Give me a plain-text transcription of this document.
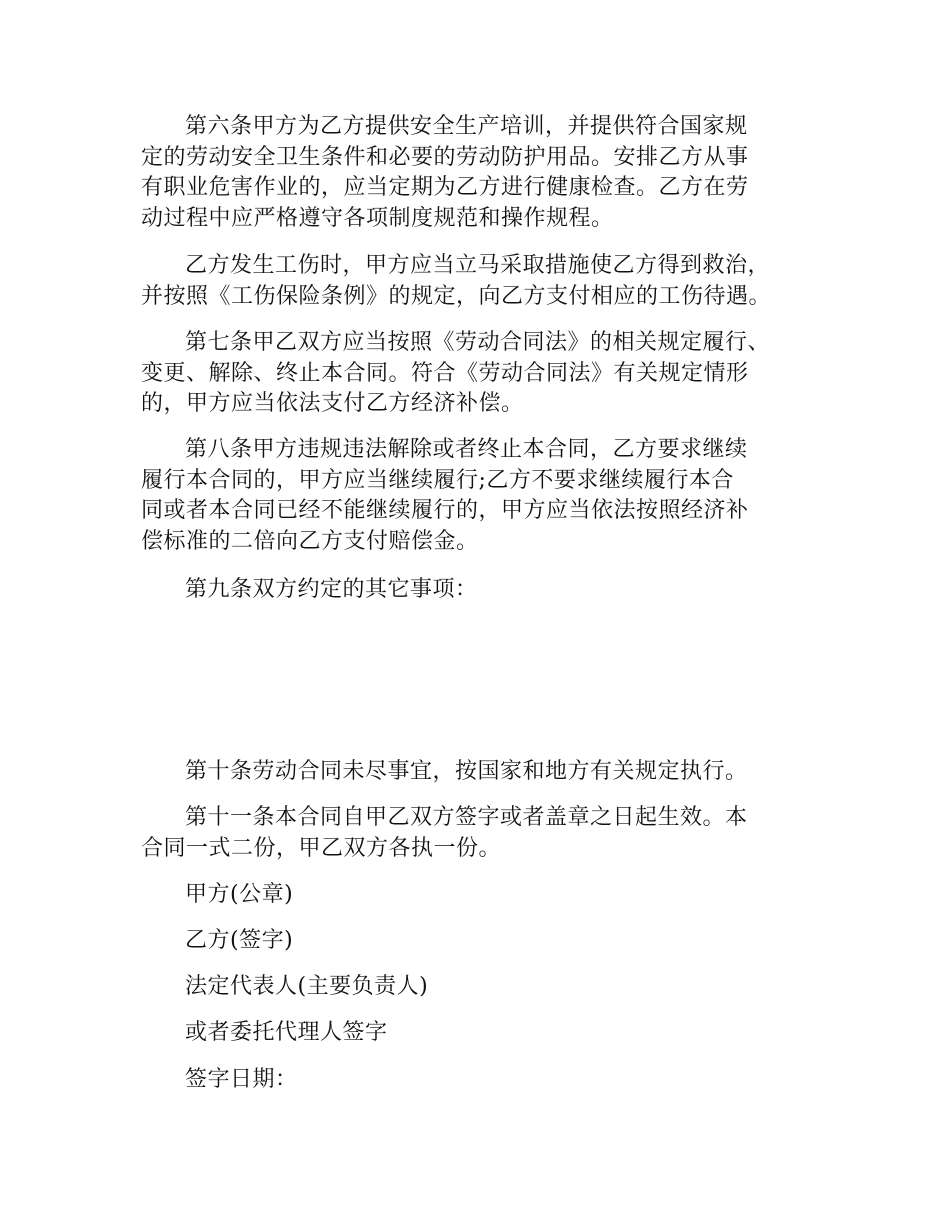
第六条甲方为乙方提供安全生产培训，并提供符合国家规
定的劳动安全卫生条件和必要的劳动防护用品。安排乙方从事
有职业危害作业的，应当定期为乙方进行健康检查。乙方在劳
动过程中应严格遵守各项制度规范和操作规程。
乙方发生工伤时，甲方应当立马采取措施使乙方得到救治，
并按照《工伤保险条例》的规定，向乙方支付相应的工伤待遇。
第七条甲乙双方应当按照《劳动合同法》的相关规定履行、
变更、解除、终止本合同。符合《劳动合同法》有关规定情形
的，甲方应当依法支付乙方经济补偿。
第八条甲方违规违法解除或者终止本合同，乙方要求继续
履行本合同的，甲方应当继续履行;乙方不要求继续履行本合
同或者本合同已经不能继续履行的，甲方应当依法按照经济补
偿标准的二倍向乙方支付赔偿金。
第九条双方约定的其它事项：
第十条劳动合同未尽事宜，按国家和地方有关规定执行。
第十一条本合同自甲乙双方签字或者盖章之日起生效。本
合同一式二份，甲乙双方各执一份。
甲方(公章)
乙方(签字)
法定代表人(主要负责人)
或者委托代理人签字
签字日期：
